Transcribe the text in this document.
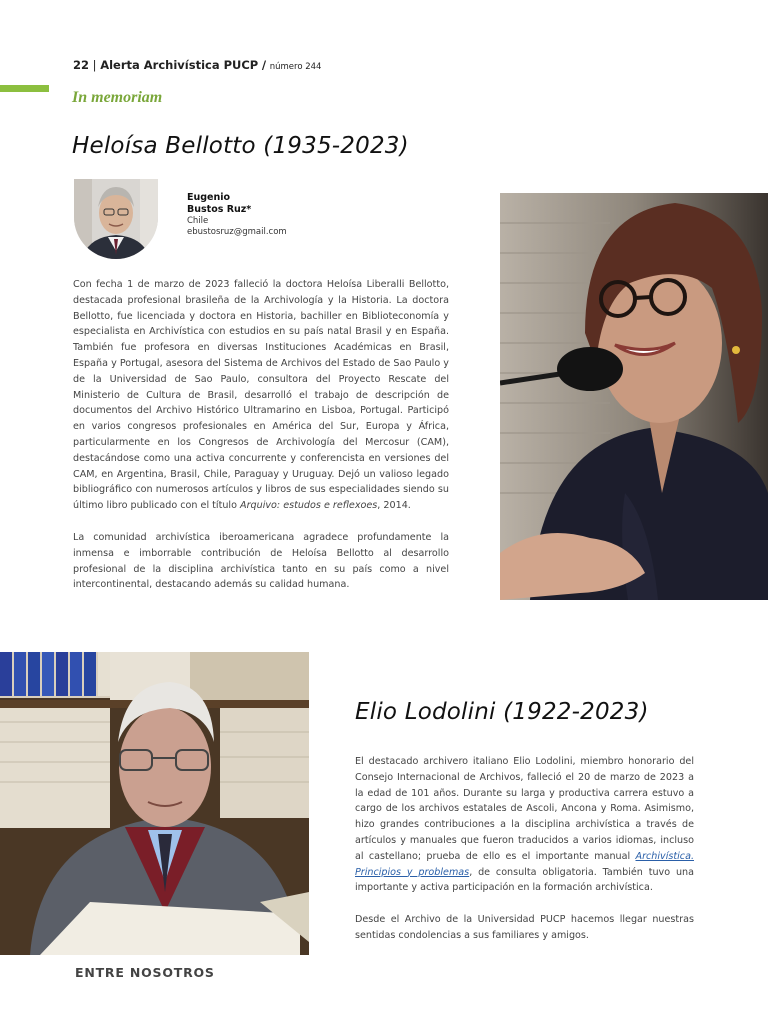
22 | Alerta Archivística PUCP / número 244
In memoriam
Heloísa Bellotto (1935-2023)
Eugenio
Bustos Ruz*
Chile
ebustosruz@gmail.com

Con fecha 1 de marzo de 2023 falleció la doctora Heloísa Liberalli Bellotto, destacada profesional brasileña de la Archivología y la Historia. La doctora Bellotto, fue licenciada y doctora en Historia, bachiller en Biblioteconomía y especialista en Archivística con estudios en su país natal Brasil y en España. También fue profesora en diversas Instituciones Académicas en Brasil, España y Portugal, asesora del Sistema de Archivos del Estado de Sao Paulo y de la Universidad de Sao Paulo, consultora del Proyecto Rescate del Ministerio de Cultura de Brasil, desarrolló el trabajo de descripción de documentos del Archivo Histórico Ultramarino en Lisboa, Portugal. Participó en varios congresos profesionales en América del Sur, Europa y África, particularmente en los Congresos de Archivología del Mercosur (CAM), destacándose como una activa concurrente y conferencista en versiones del CAM, en Argentina, Brasil, Chile, Paraguay y Uruguay. Dejó un valioso legado bibliográfico con numerosos artículos y libros de sus especialidades siendo su último libro publicado con el título Arquivo: estudos e reflexoes, 2014.

La comunidad archivística iberoamericana agradece profundamente la inmensa e imborrable contribución de Heloísa Bellotto al desarrollo profesional de la disciplina archivística tanto en su país como a nivel intercontinental, destacando además su calidad humana.

Elio Lodolini (1922-2023)

El destacado archivero italiano Elio Lodolini, miembro honorario del Consejo Internacional de Archivos, falleció el 20 de marzo de 2023 a la edad de 101 años. Durante su larga y productiva carrera estuvo a cargo de los archivos estatales de Ascoli, Ancona y Roma. Asimismo, hizo grandes contribuciones a la disciplina archivística a través de artículos y manuales que fueron traducidos a varios idiomas, incluso al castellano; prueba de ello es el importante manual Archivística. Principios y problemas, de consulta obligatoria. También tuvo una importante y activa participación en la formación archivística.

Desde el Archivo de la Universidad PUCP hacemos llegar nuestras sentidas condolencias a sus familiares y amigos.

ENTRE NOSOTROS
